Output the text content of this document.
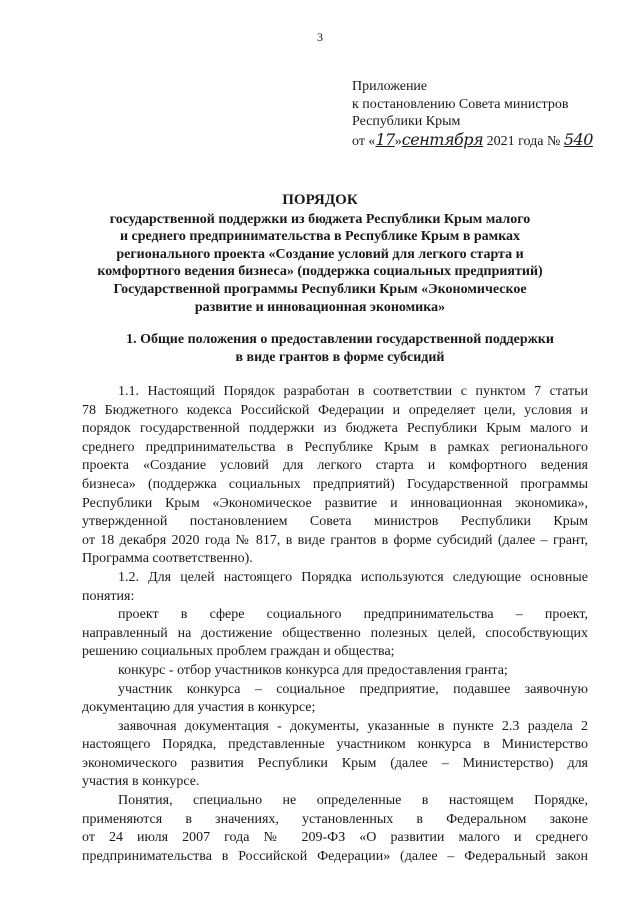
3
Приложение
к постановлению Совета министров
Республики Крым
от «17»сентября 2021 года № 540
ПОРЯДОК
государственной поддержки из бюджета Республики Крым малого
и среднего предпринимательства в Республике Крым в рамках
регионального проекта «Создание условий для легкого старта и
комфортного ведения бизнеса» (поддержка социальных предприятий)
Государственной программы Республики Крым «Экономическое
развитие и инновационная экономика»
1. Общие положения о предоставлении государственной поддержки
в виде грантов в форме субсидий
1.1. Настоящий Порядок разработан в соответствии с пунктом 7 статьи
78 Бюджетного кодекса Российской Федерации и определяет цели, условия и
порядок государственной поддержки из бюджета Республики Крым малого и
среднего предпринимательства в Республике Крым в рамках регионального
проекта «Создание условий для легкого старта и комфортного ведения
бизнеса» (поддержка социальных предприятий) Государственной программы
Республики Крым «Экономическое развитие и инновационная экономика»,
утвержденной постановлением Совета министров Республики Крым
от 18 декабря 2020 года № 817, в виде грантов в форме субсидий (далее – грант,
Программа соответственно).
1.2. Для целей настоящего Порядка используются следующие основные
понятия:
проект в сфере социального предпринимательства – проект,
направленный на достижение общественно полезных целей, способствующих
решению социальных проблем граждан и общества;
конкурс - отбор участников конкурса для предоставления гранта;
участник конкурса – социальное предприятие, подавшее заявочную
документацию для участия в конкурсе;
заявочная документация - документы, указанные в пункте 2.3 раздела 2
настоящего Порядка, представленные участником конкурса в Министерство
экономического развития Республики Крым (далее – Министерство) для
участия в конкурсе.
Понятия, специально не определенные в настоящем Порядке,
применяются в значениях, установленных в Федеральном законе
от 24 июля 2007 года № 209-ФЗ «О развитии малого и среднего
предпринимательства в Российской Федерации» (далее – Федеральный закон
